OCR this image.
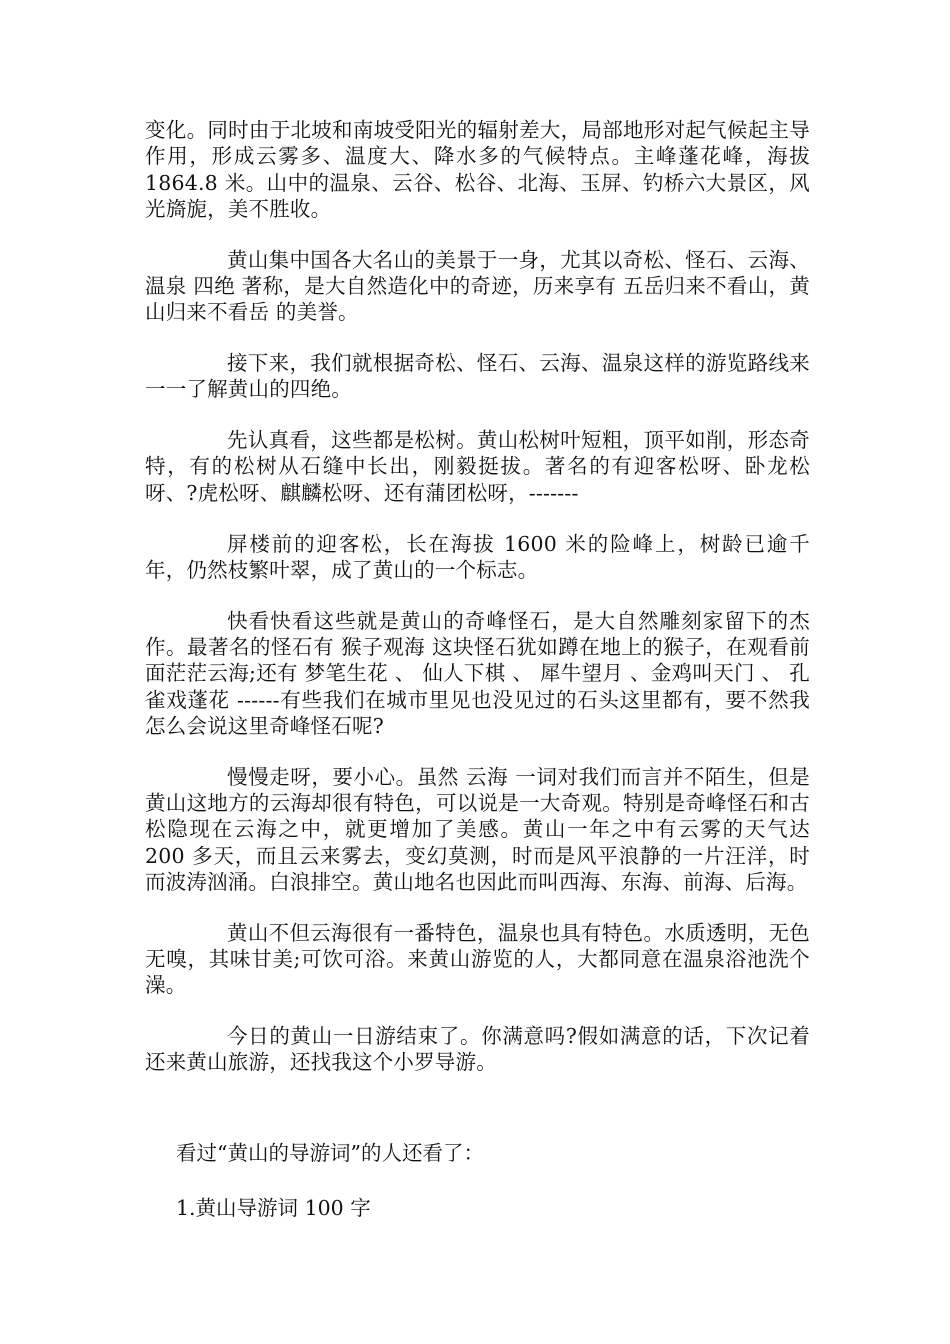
变化。同时由于北坡和南坡受阳光的辐射差大，局部地形对起气候起主导作用，形成云雾多、温度大、降水多的气候特点。主峰蓬花峰，海拔 1864.8 米。山中的温泉、云谷、松谷、北海、玉屏、钓桥六大景区，风光旖旎，美不胜收。

黄山集中国各大名山的美景于一身，尤其以奇松、怪石、云海、温泉 四绝 著称，是大自然造化中的奇迹，历来享有 五岳归来不看山，黄山归来不看岳 的美誉。

接下来，我们就根据奇松、怪石、云海、温泉这样的游览路线来一一了解黄山的四绝。

先认真看，这些都是松树。黄山松树叶短粗，顶平如削，形态奇特，有的松树从石缝中长出，刚毅挺拔。著名的有迎客松呀、卧龙松呀、?虎松呀、麒麟松呀、还有蒲团松呀，-------

屏楼前的迎客松，长在海拔 1600 米的险峰上，树龄已逾千年，仍然枝繁叶翠，成了黄山的一个标志。

快看快看这些就是黄山的奇峰怪石，是大自然雕刻家留下的杰作。最著名的怪石有 猴子观海 这块怪石犹如蹲在地上的猴子，在观看前面茫茫云海;还有 梦笔生花 、 仙人下棋 、 犀牛望月 、金鸡叫天门 、 孔雀戏蓬花 ------有些我们在城市里见也没见过的石头这里都有，要不然我怎么会说这里奇峰怪石呢?

慢慢走呀，要小心。虽然 云海 一词对我们而言并不陌生，但是黄山这地方的云海却很有特色，可以说是一大奇观。特别是奇峰怪石和古松隐现在云海之中，就更增加了美感。黄山一年之中有云雾的天气达 200 多天，而且云来雾去，变幻莫测，时而是风平浪静的一片汪洋，时而波涛汹涌。白浪排空。黄山地名也因此而叫西海、东海、前海、后海。

黄山不但云海很有一番特色，温泉也具有特色。水质透明，无色无嗅，其味甘美;可饮可浴。来黄山游览的人，大都同意在温泉浴池洗个澡。

今日的黄山一日游结束了。你满意吗?假如满意的话，下次记着还来黄山旅游，还找我这个小罗导游。

看过“黄山的导游词”的人还看了：
1.黄山导游词 100 字
